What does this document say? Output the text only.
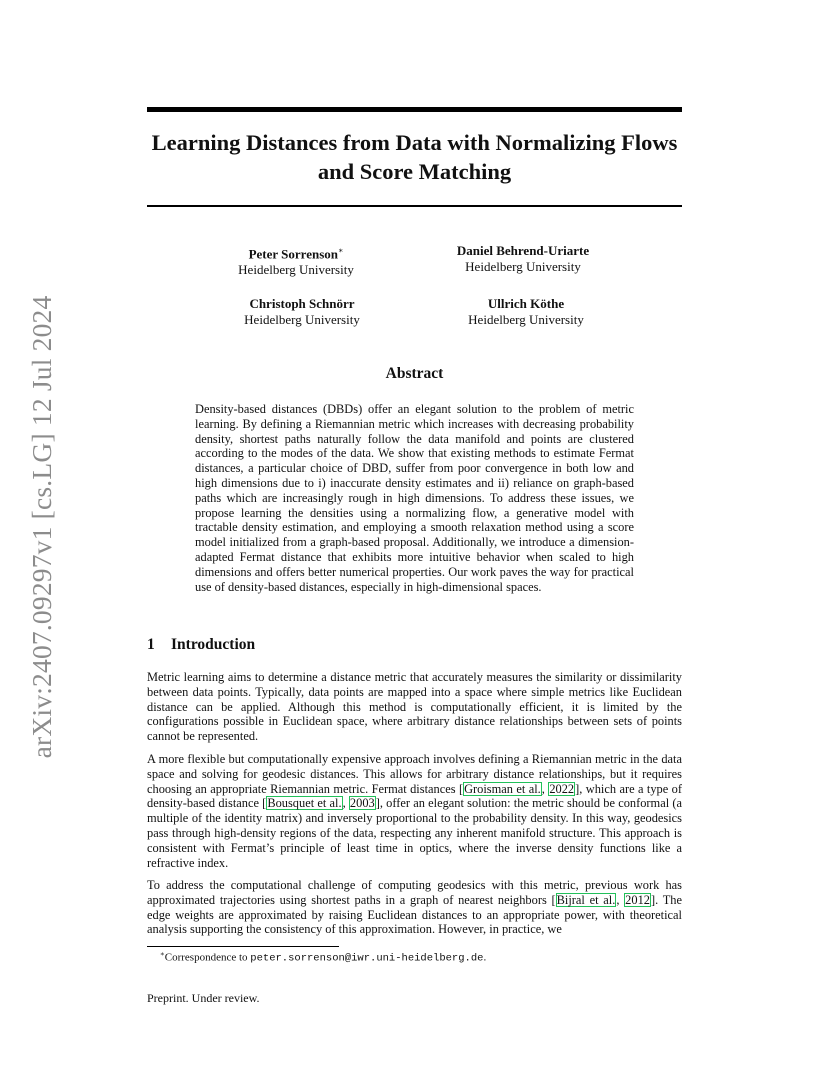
arXiv:2407.09297v1 [cs.LG] 12 Jul 2024
Learning Distances from Data with Normalizing Flows
and Score Matching
Peter Sorrenson∗
Heidelberg University
Daniel Behrend-Uriarte
Heidelberg University
Christoph Schnörr
Heidelberg University
Ullrich Köthe
Heidelberg University
Abstract

Density-based distances (DBDs) offer an elegant solution to the problem of metric learning. By defining a Riemannian metric which increases with decreasing probability density, shortest paths naturally follow the data manifold and points are clustered according to the modes of the data. We show that existing methods to estimate Fermat distances, a particular choice of DBD, suffer from poor convergence in both low and high dimensions due to i) inaccurate density estimates and ii) reliance on graph-based paths which are increasingly rough in high dimensions. To address these issues, we propose learning the densities using a normalizing flow, a generative model with tractable density estimation, and employing a smooth relaxation method using a score model initialized from a graph-based proposal. Additionally, we introduce a dimension-adapted Fermat distance that exhibits more intuitive behavior when scaled to high dimensions and offers better numerical properties. Our work paves the way for practical use of density-based distances, especially in high-dimensional spaces.

1 Introduction

Metric learning aims to determine a distance metric that accurately measures the similarity or dissimilarity between data points. Typically, data points are mapped into a space where simple metrics like Euclidean distance can be applied. Although this method is computationally efficient, it is limited by the configurations possible in Euclidean space, where arbitrary distance relationships between sets of points cannot be represented.

A more flexible but computationally expensive approach involves defining a Riemannian metric in the data space and solving for geodesic distances. This allows for arbitrary distance relationships, but it requires choosing an appropriate Riemannian metric. Fermat distances [Groisman et al., 2022], which are a type of density-based distance [Bousquet et al., 2003], offer an elegant solution: the metric should be conformal (a multiple of the identity matrix) and inversely proportional to the probability density. In this way, geodesics pass through high-density regions of the data, respecting any inherent manifold structure. This approach is consistent with Fermat’s principle of least time in optics, where the inverse density functions like a refractive index.

To address the computational challenge of computing geodesics with this metric, previous work has approximated trajectories using shortest paths in a graph of nearest neighbors [Bijral et al., 2012]. The edge weights are approximated by raising Euclidean distances to an appropriate power, with theoretical analysis supporting the consistency of this approximation. However, in practice, we

∗Correspondence to peter.sorrenson@iwr.uni-heidelberg.de.

Preprint. Under review.
